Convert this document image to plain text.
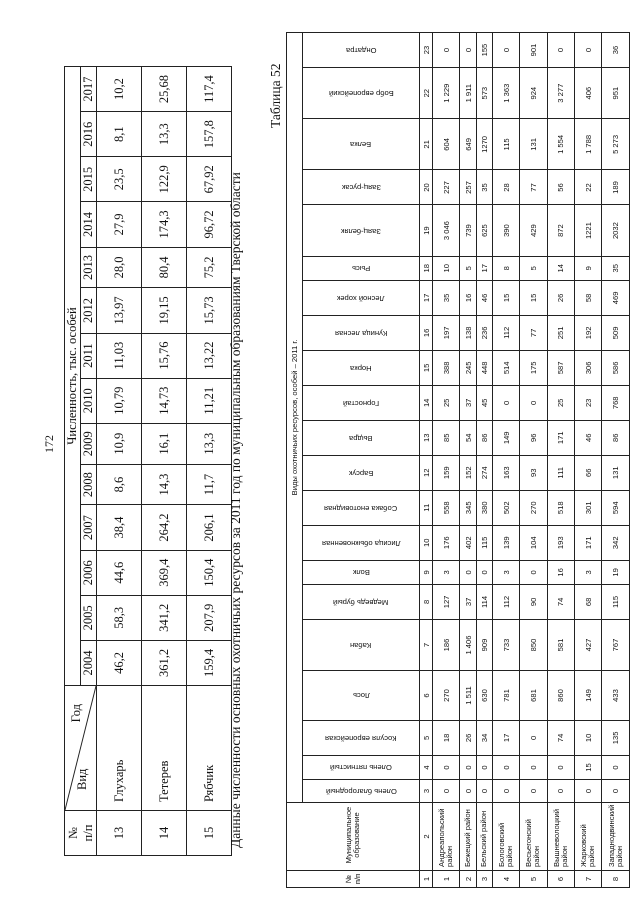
172
№
п/п	Год
Вид	Численность, тыс. особей													
		2004	2005	2006	2007	2008	2009	2010	2011	2012	2013	2014	2015	2016	2017
13	Глухарь	46,2	58,3	44,6	38,4	8,6	10,9	10,79	11,03	13,97	28,0	27,9	23,5	8,1	10,2
14	Тетерев	361,2	341,2	369,4	264,2	14,3	16,1	14,73	15,76	19,15	80,4	174,3	122,9	13,3	25,68
15	Рябчик	159,4	207,9	150,4	206,1	11,7	13,3	11,21	13,22	15,73	75,2	96,72	67,92	157,8	117,4
Данные численности основных охотничьих ресурсов за 2011 год по муниципальным образованиям Тверской области
Таблица 52
№ п/п	Муниципальное образование	Виды охотничьих ресурсов, особей – 2011 г.																				

		Олень благородный	Олень пятнистый	Косуля европейская	Лось	Кабан	Медведь бурый	Волк	Лисица обыкновенная	Собака енотовидная	Барсук	Выдра	Горностай	Норка	Куница лесная	Лесной хорек	Рысь	Заяц-беляк	Заяц-русак	Белка	Бобр европейский	Ондатра

1	2	3	4	5	6	7	8	9	10	11	12	13	14	15	16	17	18	19	20	21	22	23
1	Андреапольский район	0	0	18	270	186	127	3	176	558	159	85	25	388	197	35	10	3 046	227	604	1 229	0
2	Бежецкий район	0	0	26	1 511	1 406	37	0	402	345	152	54	37	245	138	16	5	739	257	649	1 911	0
3	Бельский район	0	0	34	630	909	114	0	115	380	274	86	45	448	236	46	17	625	35	1270	573	155
4	Бологовский район	0	0	17	781	733	112	3	139	502	163	149	0	514	112	15	8	390	28	115	1 363	0
5	Весьегонский район	0	0	0	681	850	90	0	104	270	93	96	0	175	77	15	5	429	77	131	924	901
6	Вышневолоцкий район	0	0	74	860	581	74	16	193	518	111	171	25	587	251	26	14	872	56	1 554	3 277	0
7	Жарковский район	0	15	10	149	427	68	3	171	301	66	46	23	306	192	58	9	1221	22	1 788	406	0
8	Западнодвинский район	0	0	135	433	767	115	19	342	594	131	86	768	586	509	469	35	2032	189	5 273	951	36
